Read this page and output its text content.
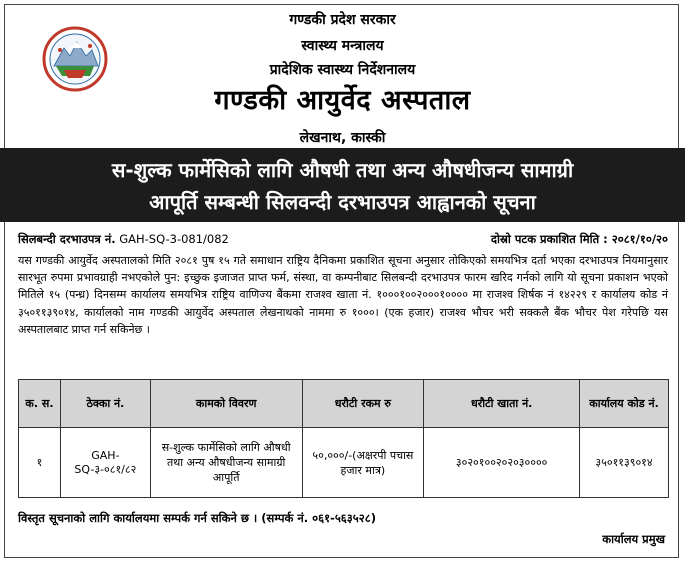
गण्डकी प्रदेश सरकार
स्वास्थ्य मन्त्रालय
प्रादेशिक स्वास्थ्य निर्देशनालय
गण्डकी आयुर्वेद अस्पताल
लेखनाथ, कास्की
स-शुल्क फार्मेसिको लागि औषधी तथा अन्य औषधीजन्य सामाग्री
आपूर्ति सम्बन्धी सिलवन्दी दरभाउपत्र आह्वानको सूचना
सिलबन्दी दरभाउपत्र नं. GAH-SQ-3-081/082	दोस्रो पटक प्रकाशित मिति : २०८१/१०/२०

यस गण्डकी आयुर्वेद अस्पतालको मिति २०८१ पुष १५ गते समाधान राष्ट्रिय दैनिकमा प्रकाशित सूचना अनुसार तोकिएको समयभित्र दर्ता भएका दरभाउपत्र नियमानुसार सारभूत रुपमा प्रभावग्राही नभएकोले पुन: इच्छुक इजाजत प्राप्त फर्म, संस्था, वा कम्पनीबाट सिलबन्दी दरभाउपत्र फारम खरिद गर्नको लागि यो सूचना प्रकाशन भएको मितिले १५ (पन्ध्र) दिनसम्म कार्यालय समयभित्र राष्ट्रिय वाणिज्य बैंकमा राजश्व खाता नं. १०००१००२०००१०००० मा राजश्व शिर्षक नं १४२२९ र कार्यालय कोड नं ३५०११३९०१४, कार्यालको नाम गण्डकी आयुर्वेद अस्पताल लेखनाथको नाममा रु १०००। (एक हजार) राजश्व भौचर भरी सक्कलै बैंक भौचर पेश गरेपछि यस अस्पतालबाट प्राप्त गर्न सकिनेछ ।

क. स.	ठेक्का नं.	कामको विवरण	धरौटी रकम रु	धरौटी खाता नं.	कार्यालय कोड नं.
१	GAH-SQ-३-०८१/८२	स-शुल्क फार्मेसिको लागि औषधी तथा अन्य औषधीजन्य सामाग्री आपूर्ति	५०,०००/-(अक्षरपी पचास हजार मात्र)	३०२०१००२०२०३००००	३५०११३९०१४
विस्तृत सूचनाको लागि कार्यालयमा सम्पर्क गर्न सकिने छ । (सम्पर्क नं. ०६१-५६३५२८)
कार्यालय प्रमुख
